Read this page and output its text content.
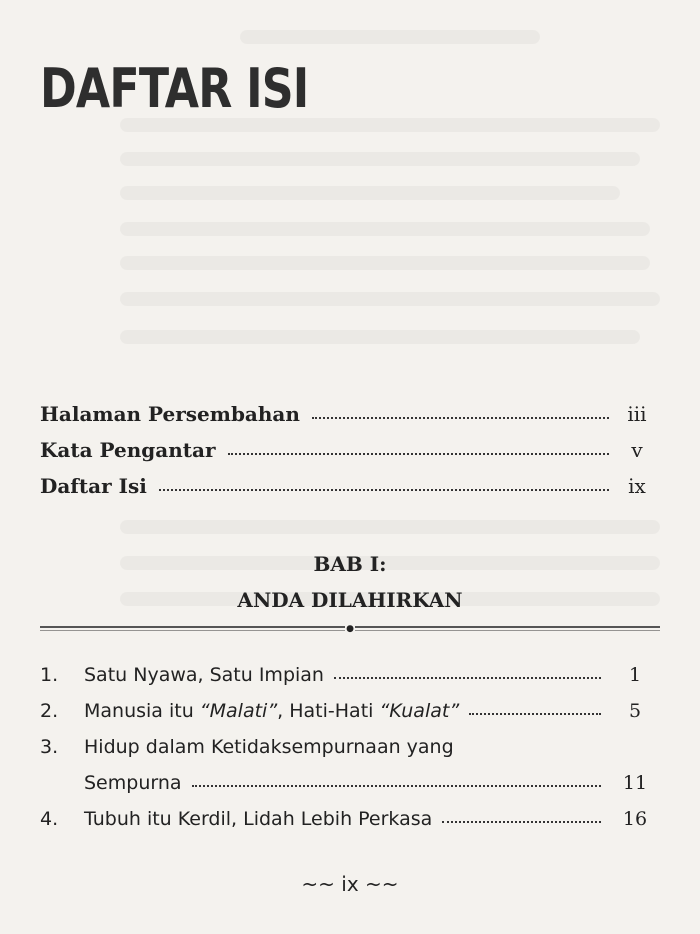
DAFTAR ISI
Halaman Persembahan	iii
Kata Pengantar	v
Daftar Isi	ix
BAB I:
ANDA DILAHIRKAN
●
1.	Satu Nyawa, Satu Impian	1
2.	Manusia itu “Malati”, Hati-Hati “Kualat”	5
3.	Hidup dalam Ketidaksempurnaan yang
Sempurna	11
4.	Tubuh itu Kerdil, Lidah Lebih Perkasa	16
~~ ix ~~
